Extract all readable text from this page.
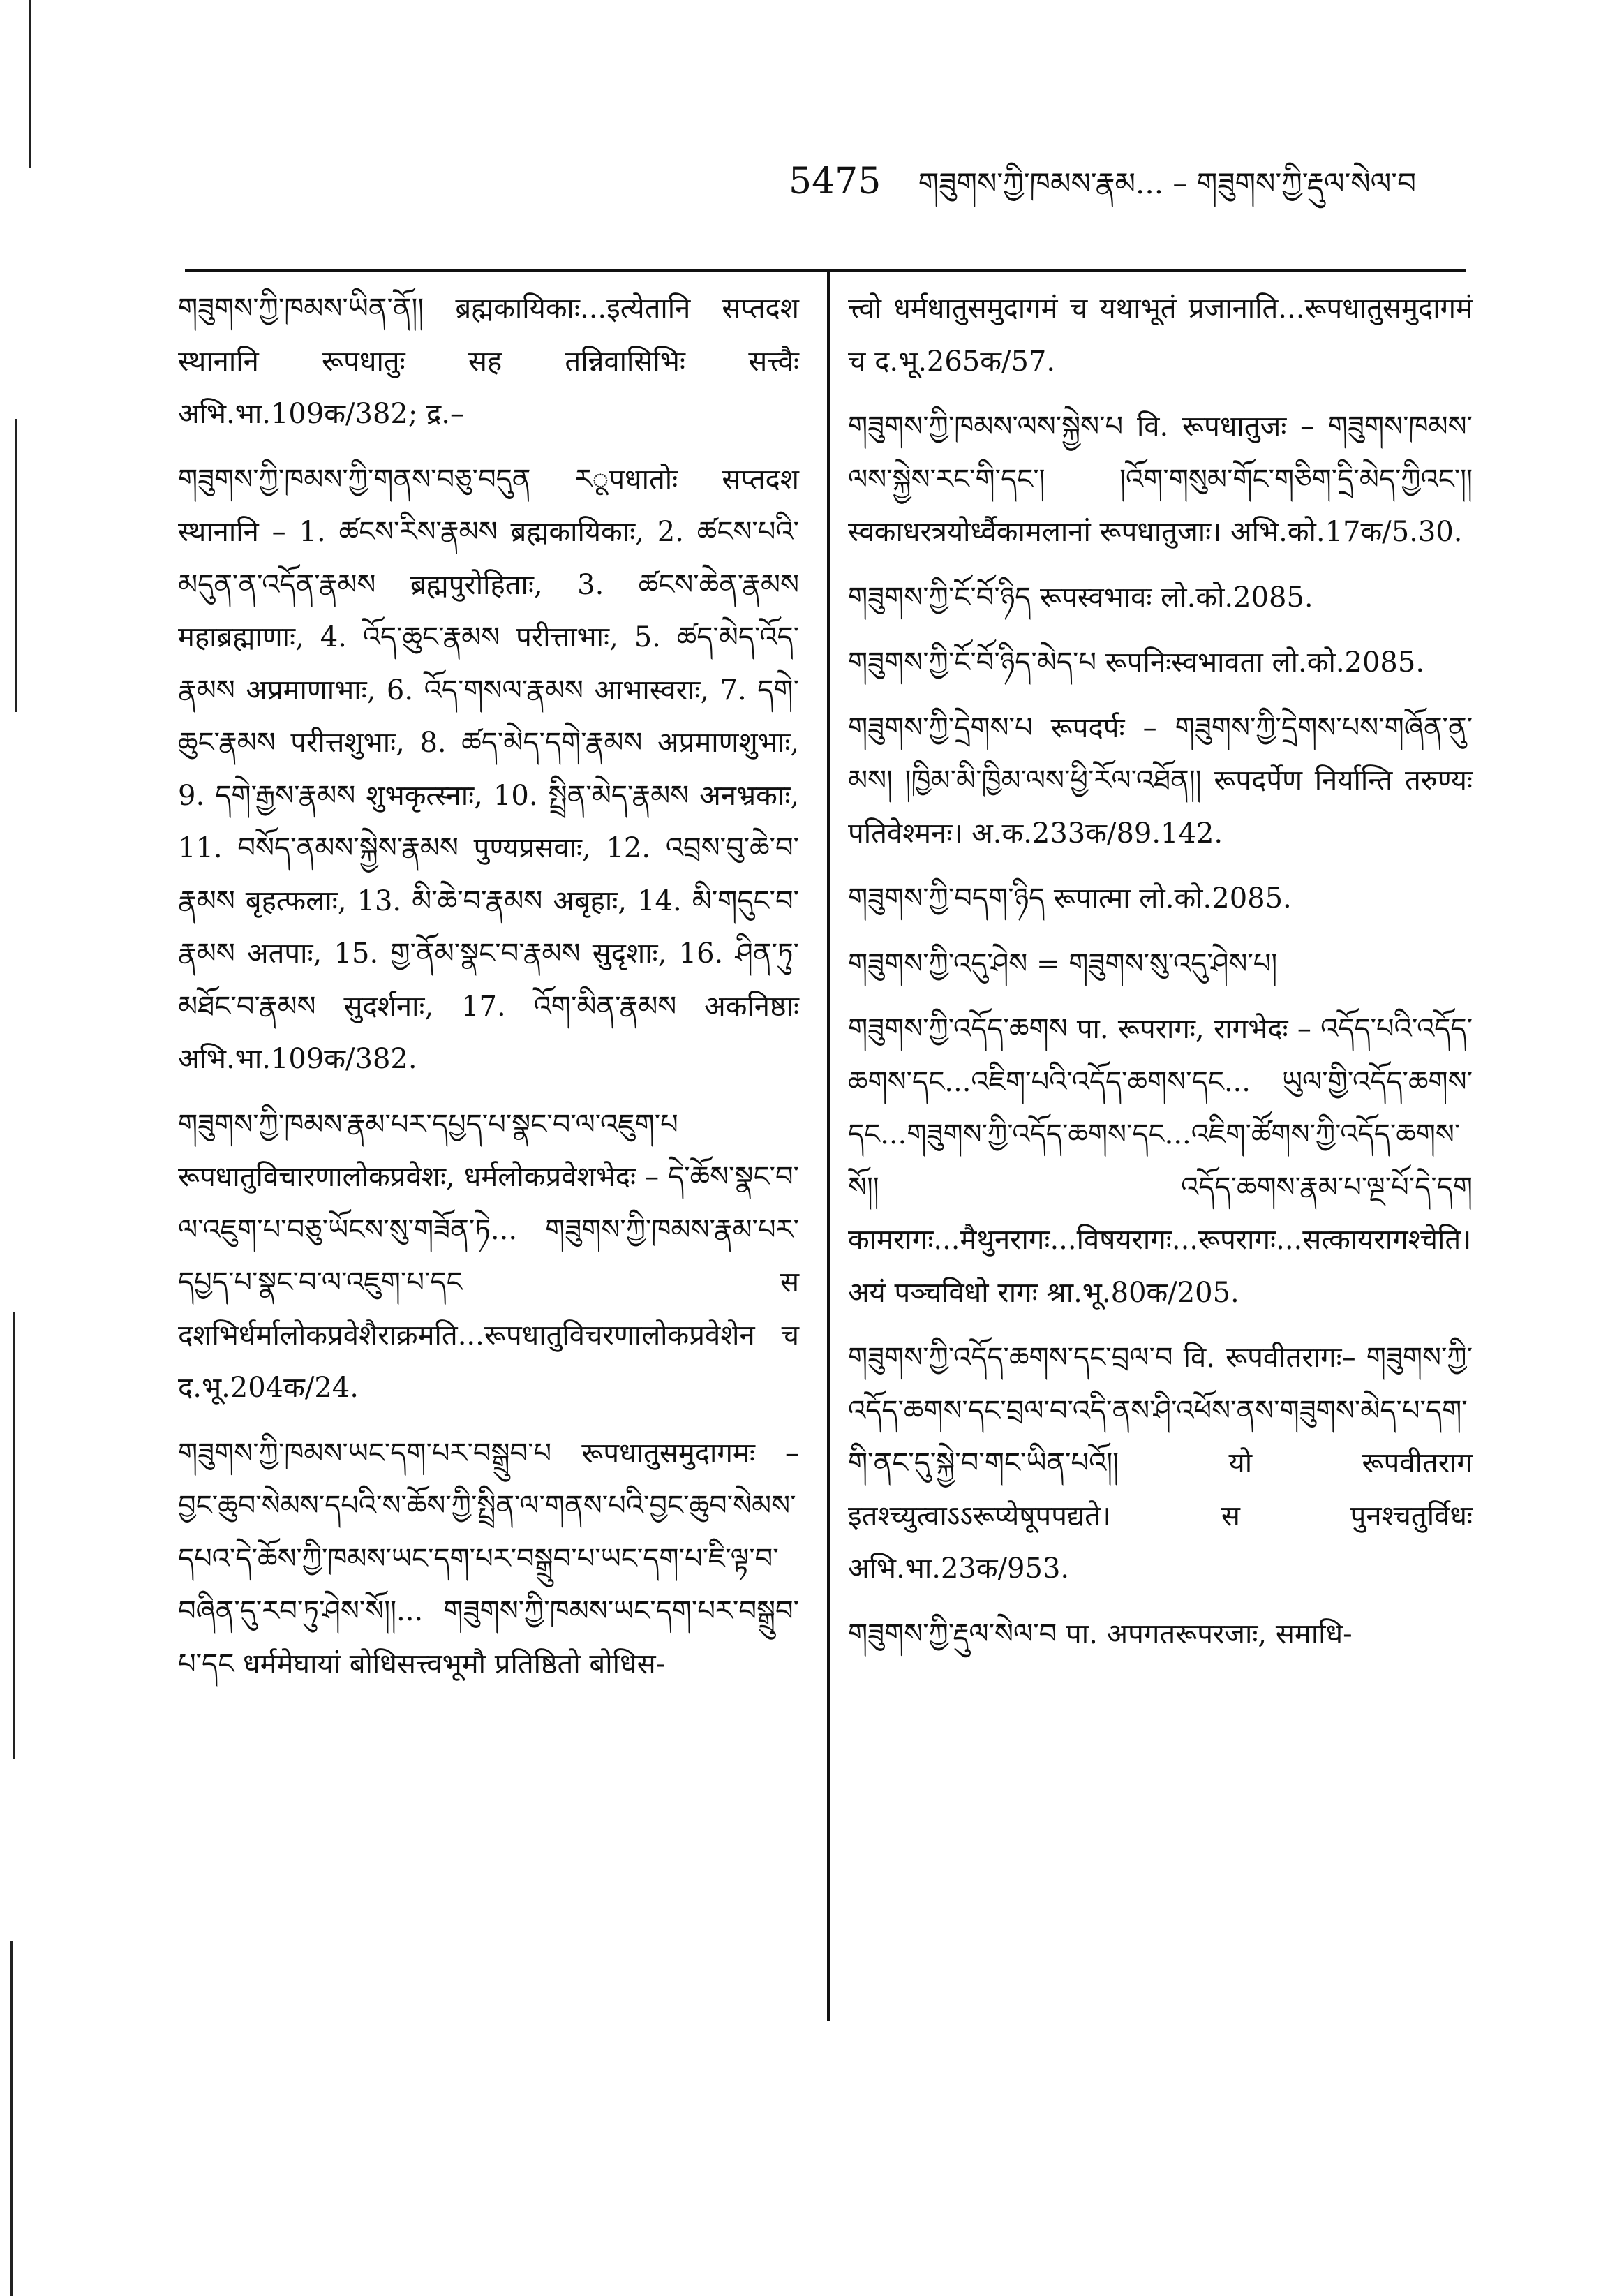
5475 གཟུགས་ཀྱི་ཁམས་རྣམ... – གཟུགས་ཀྱི་རྡུལ་སེལ་བ

གཟུགས་ཀྱི་ཁམས་ཡིན་ནོ།། ब्रह्मकायिकाः...इत्येतानि सप्तदश स्थानानि रूपधातुः सह तन्निवासिभिः सत्त्वैः अभि.भा.109क/382; द्र.–

གཟུགས་ཀྱི་ཁམས་ཀྱི་གནས་བཅུ་བདུན རूपधातोः सप्तदश स्थानानि – 1. ཚངས་རིས་རྣམས ब्रह्मकायिकाः, 2. ཚངས་པའི་མདུན་ན་འདོན་རྣམས ब्रह्मपुरोहिताः, 3. ཚངས་ཆེན་རྣམས महाब्रह्माणाः, 4. འོད་ཆུང་རྣམས परीत्ताभाः, 5. ཚད་མེད་འོད་རྣམས अप्रमाणाभाः, 6. འོད་གསལ་རྣམས आभास्वराः, 7. དགེ་ཆུང་རྣམས परीत्तशुभाः, 8. ཚད་མེད་དགེ་རྣམས अप्रमाणशुभाः, 9. དགེ་རྒྱས་རྣམས शुभकृत्स्नाः, 10. སྤྲིན་མེད་རྣམས अनभ्रकाः, 11. བསོད་ནམས་སྐྱེས་རྣམས पुण्यप्रसवाः, 12. འབྲས་བུ་ཆེ་བ་རྣམས बृहत्फलाः, 13. མི་ཆེ་བ་རྣམས अबृहाः, 14. མི་གདུང་བ་རྣམས अतपाः, 15. གྱ་ནོམ་སྣང་བ་རྣམས सुदृशाः, 16. ཤིན་ཏུ་མཐོང་བ་རྣམས सुदर्शनाः, 17. འོག་མིན་རྣམས अकनिष्ठाः अभि.भा.109क/382.

གཟུགས་ཀྱི་ཁམས་རྣམ་པར་དཔྱད་པ་སྣང་བ་ལ་འཇུག་པ रूपधातुविचारणालोकप्रवेशः, धर्मलोकप्रवेशभेदः – དེ་ཆོས་སྣང་བ་ལ་འཇུག་པ་བཅུ་ཡོངས་སུ་གཟོན་ཏེ... གཟུགས་ཀྱི་ཁམས་རྣམ་པར་དཔྱད་པ་སྣང་བ་ལ་འཇུག་པ་དང स दशभिर्धर्मालोकप्रवेशैराक्रमति...रूपधातुविचरणालोकप्रवेशेन च द.भू.204क/24.

གཟུགས་ཀྱི་ཁམས་ཡང་དག་པར་བསྒྲུབ་པ रूपधातुसमुदागमः – བྱང་ཆུབ་སེམས་དཔའི་ས་ཆོས་ཀྱི་སྤྲིན་ལ་གནས་པའི་བྱང་ཆུབ་སེམས་དཔའ་དེ་ཆོས་ཀྱི་ཁམས་ཡང་དག་པར་བསྒྲུབ་པ་ཡང་དག་པ་ཇི་ལྟ་བ་བཞིན་དུ་རབ་ཏུ་ཤེས་སོ།།... གཟུགས་ཀྱི་ཁམས་ཡང་དག་པར་བསྒྲུབ་པ་དང धर्ममेघायां बोधिसत्त्वभूमौ प्रतिष्ठितो बोधिस-

त्त्वो धर्मधातुसमुदागमं च यथाभूतं प्रजानाति...रूपधातुसमुदागमं च द.भू.265क/57.

གཟུགས་ཀྱི་ཁམས་ལས་སྐྱེས་པ वि. रूपधातुजः – གཟུགས་ཁམས་ལས་སྐྱེས་རང་གི་དང་། །འོག་གསུམ་གོང་གཅིག་དྲི་མེད་ཀྱིའང་།། स्वकाधरत्रयोर्ध्वैकामलानां रूपधातुजाः। अभि.को.17क/5.30.

གཟུགས་ཀྱི་ངོ་བོ་ཉིད रूपस्वभावः लो.को.2085.

གཟུགས་ཀྱི་ངོ་བོ་ཉིད་མེད་པ रूपनिःस्वभावता लो.को.2085.

གཟུགས་ཀྱི་དྲེགས་པ रूपदर्पः – གཟུགས་ཀྱི་དྲེགས་པས་གཞོན་ནུ་མས། །ཁྱིམ་མི་ཁྱིམ་ལས་ཕྱི་རོལ་འཐོན།། रूपदर्पेण निर्यान्ति तरुण्यः पतिवेश्मनः। अ.क.233क/89.142.

གཟུགས་ཀྱི་བདག་ཉིད रूपात्मा लो.को.2085.

གཟུགས་ཀྱི་འདུ་ཤེས = གཟུགས་སུ་འདུ་ཤེས་པ།

གཟུགས་ཀྱི་འདོད་ཆགས पा. रूपरागः, रागभेदः – འདོད་པའི་འདོད་ཆགས་དང...འཇིག་པའི་འདོད་ཆགས་དང... ཡུལ་གྱི་འདོད་ཆགས་དང...གཟུགས་ཀྱི་འདོད་ཆགས་དང...འཇིག་ཚོགས་ཀྱི་འདོད་ཆགས་སོ།། འདོད་ཆགས་རྣམ་པ་ལྔ་པོ་དེ་དག कामरागः...मैथुनरागः...विषयरागः...रूपरागः...सत्कायरागश्चेति। अयं पञ्चविधो रागः श्रा.भू.80क/205.

གཟུགས་ཀྱི་འདོད་ཆགས་དང་བྲལ་བ वि. रूपवीतरागः– གཟུགས་ཀྱི་འདོད་ཆགས་དང་བྲལ་བ་འདི་ནས་ཤི་འཕོས་ནས་གཟུགས་མེད་པ་དག་གི་ནང་དུ་སྐྱེ་བ་གང་ཡིན་པའོ།། यो रूपवीतराग इतश्च्युत्वाऽऽरूप्येषूपपद्यते। स पुनश्चतुर्विधः अभि.भा.23क/953.

གཟུགས་ཀྱི་རྡུལ་སེལ་བ पा. अपगतरूपरजाः, समाधि-
